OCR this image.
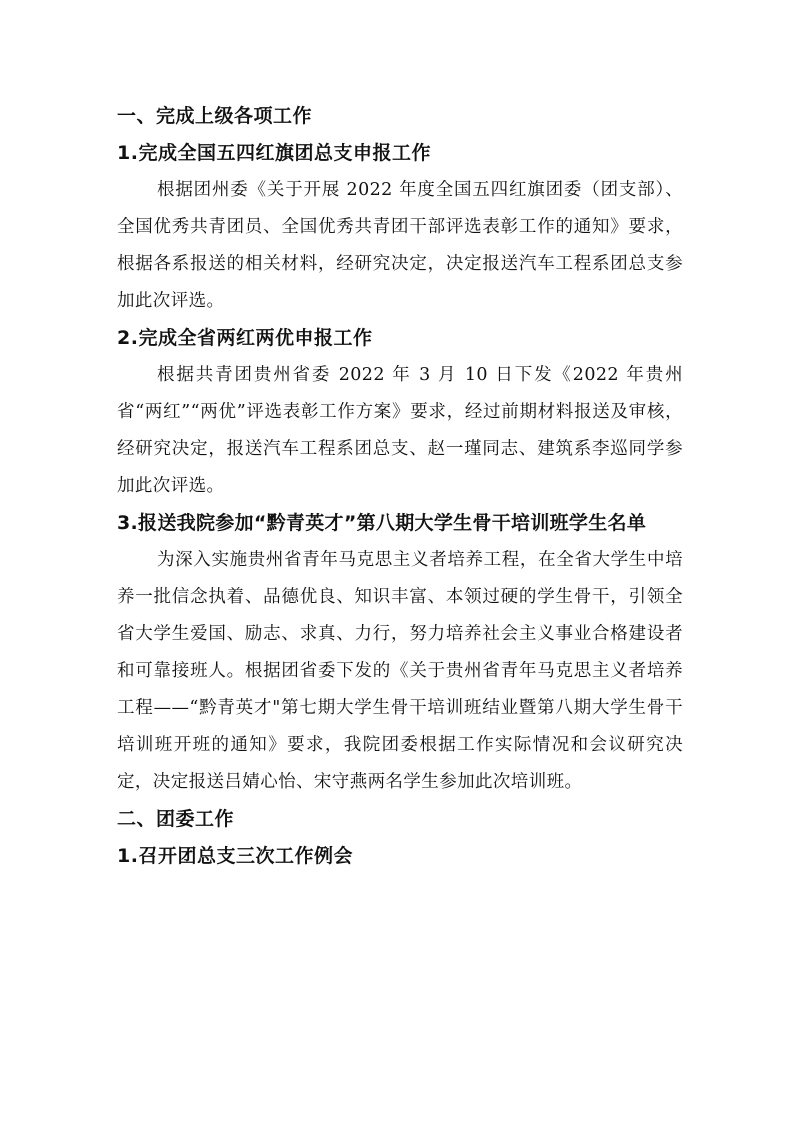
一、完成上级各项工作
1.完成全国五四红旗团总支申报工作

根据团州委《关于开展 2022 年度全国五四红旗团委（团支部）、全国优秀共青团员、全国优秀共青团干部评选表彰工作的通知》要求，根据各系报送的相关材料，经研究决定，决定报送汽车工程系团总支参加此次评选。

2.完成全省两红两优申报工作

根据共青团贵州省委 2022 年 3 月 10 日下发《2022 年贵州省“两红”“两优”评选表彰工作方案》要求，经过前期材料报送及审核，经研究决定，报送汽车工程系团总支、赵一瑾同志、建筑系李巡同学参加此次评选。

3.报送我院参加“黔青英才”第八期大学生骨干培训班学生名单

为深入实施贵州省青年马克思主义者培养工程，在全省大学生中培养一批信念执着、品德优良、知识丰富、本领过硬的学生骨干，引领全省大学生爱国、励志、求真、力行，努力培养社会主义事业合格建设者和可靠接班人。根据团省委下发的《关于贵州省青年马克思主义者培养工程——“黔青英才"第七期大学生骨干培训班结业暨第八期大学生骨干培训班开班的通知》要求，我院团委根据工作实际情况和会议研究决定，决定报送吕婧心怡、宋守燕两名学生参加此次培训班。

二、团委工作
1.召开团总支三次工作例会
